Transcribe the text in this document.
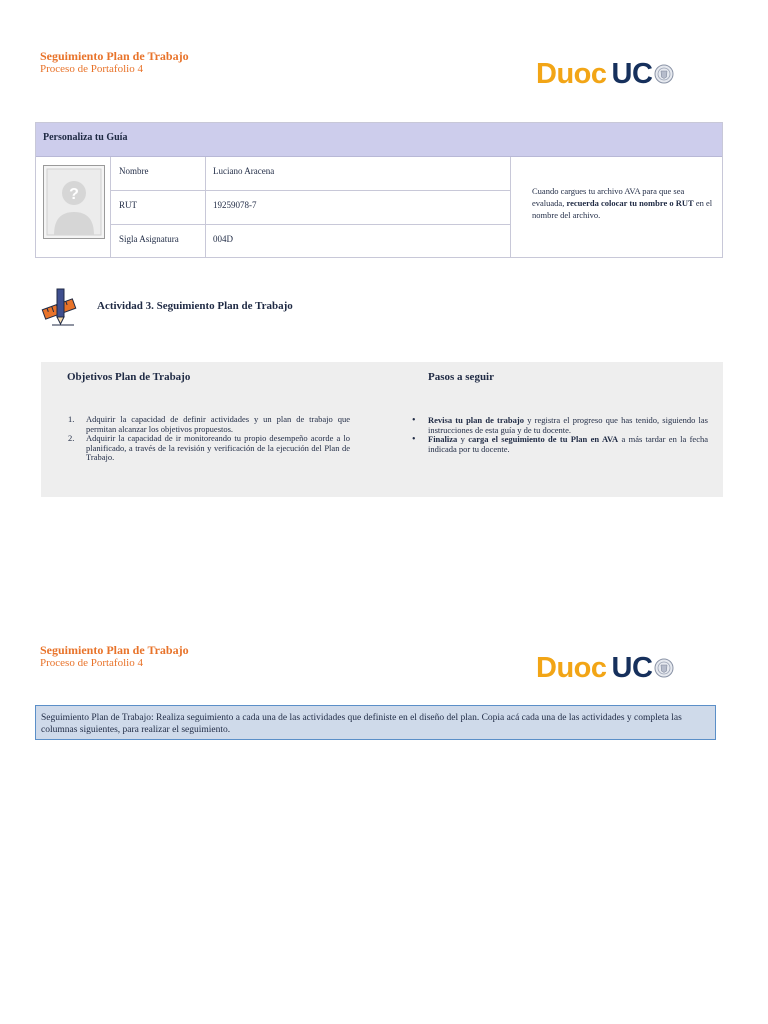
Seguimiento Plan de Trabajo
Proceso de Portafolio 4	Duoc UC
Personaliza tu Guía
?
Nombre	Luciano Aracena
RUT	19259078-7
Sigla Asignatura	004D
Cuando cargues tu archivo AVA para que sea evaluada, recuerda colocar tu nombre o RUT en el nombre del archivo.
Actividad 3. Seguimiento Plan de Trabajo
Objetivos Plan de Trabajo
1. Adquirir la capacidad de definir actividades y un plan de trabajo que permitan alcanzar los objetivos propuestos.
2. Adquirir la capacidad de ir monitoreando tu propio desempeño acorde a lo planificado, a través de la revisión y verificación de la ejecución del Plan de Trabajo.
Pasos a seguir
• Revisa tu plan de trabajo y registra el progreso que has tenido, siguiendo las instrucciones de esta guía y de tu docente.
• Finaliza y carga el seguimiento de tu Plan en AVA a más tardar en la fecha indicada por tu docente.
Seguimiento Plan de Trabajo
Proceso de Portafolio 4	Duoc UC
Seguimiento Plan de Trabajo: Realiza seguimiento a cada una de las actividades que definiste en el diseño del plan. Copia acá cada una de las actividades y completa las columnas siguientes, para realizar el seguimiento.
